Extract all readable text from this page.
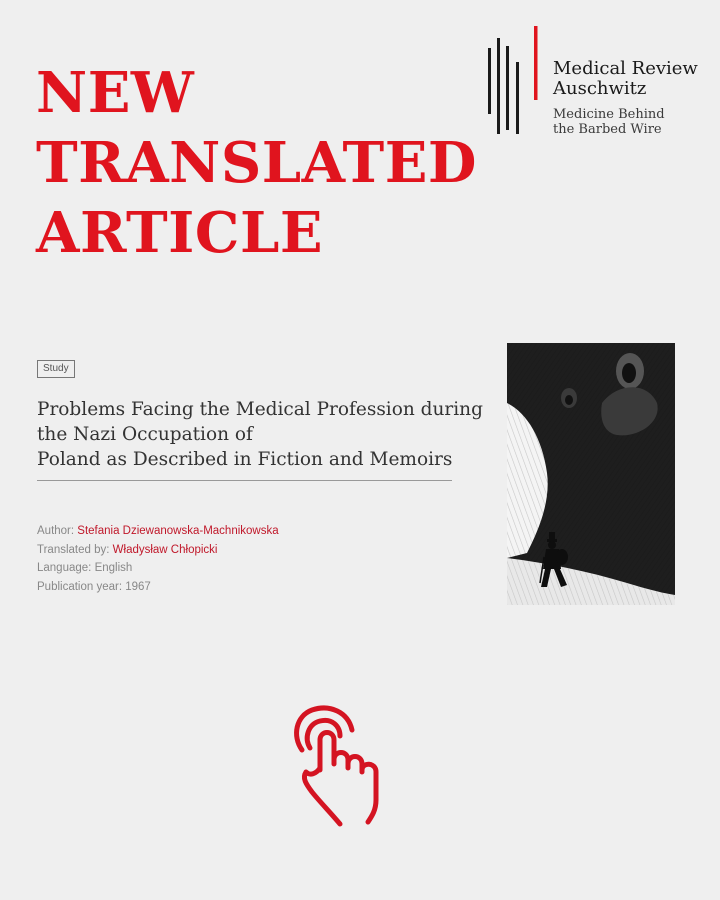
NEW
TRANSLATED
ARTICLE
Medical Review
Auschwitz
Medicine Behind
the Barbed Wire
Study
Problems Facing the Medical Profession during
the Nazi Occupation of
Poland as Described in Fiction and Memoirs
Author: Stefania Dziewanowska-Machnikowska
Translated by: Władysław Chłopicki
Language: English
Publication year: 1967
